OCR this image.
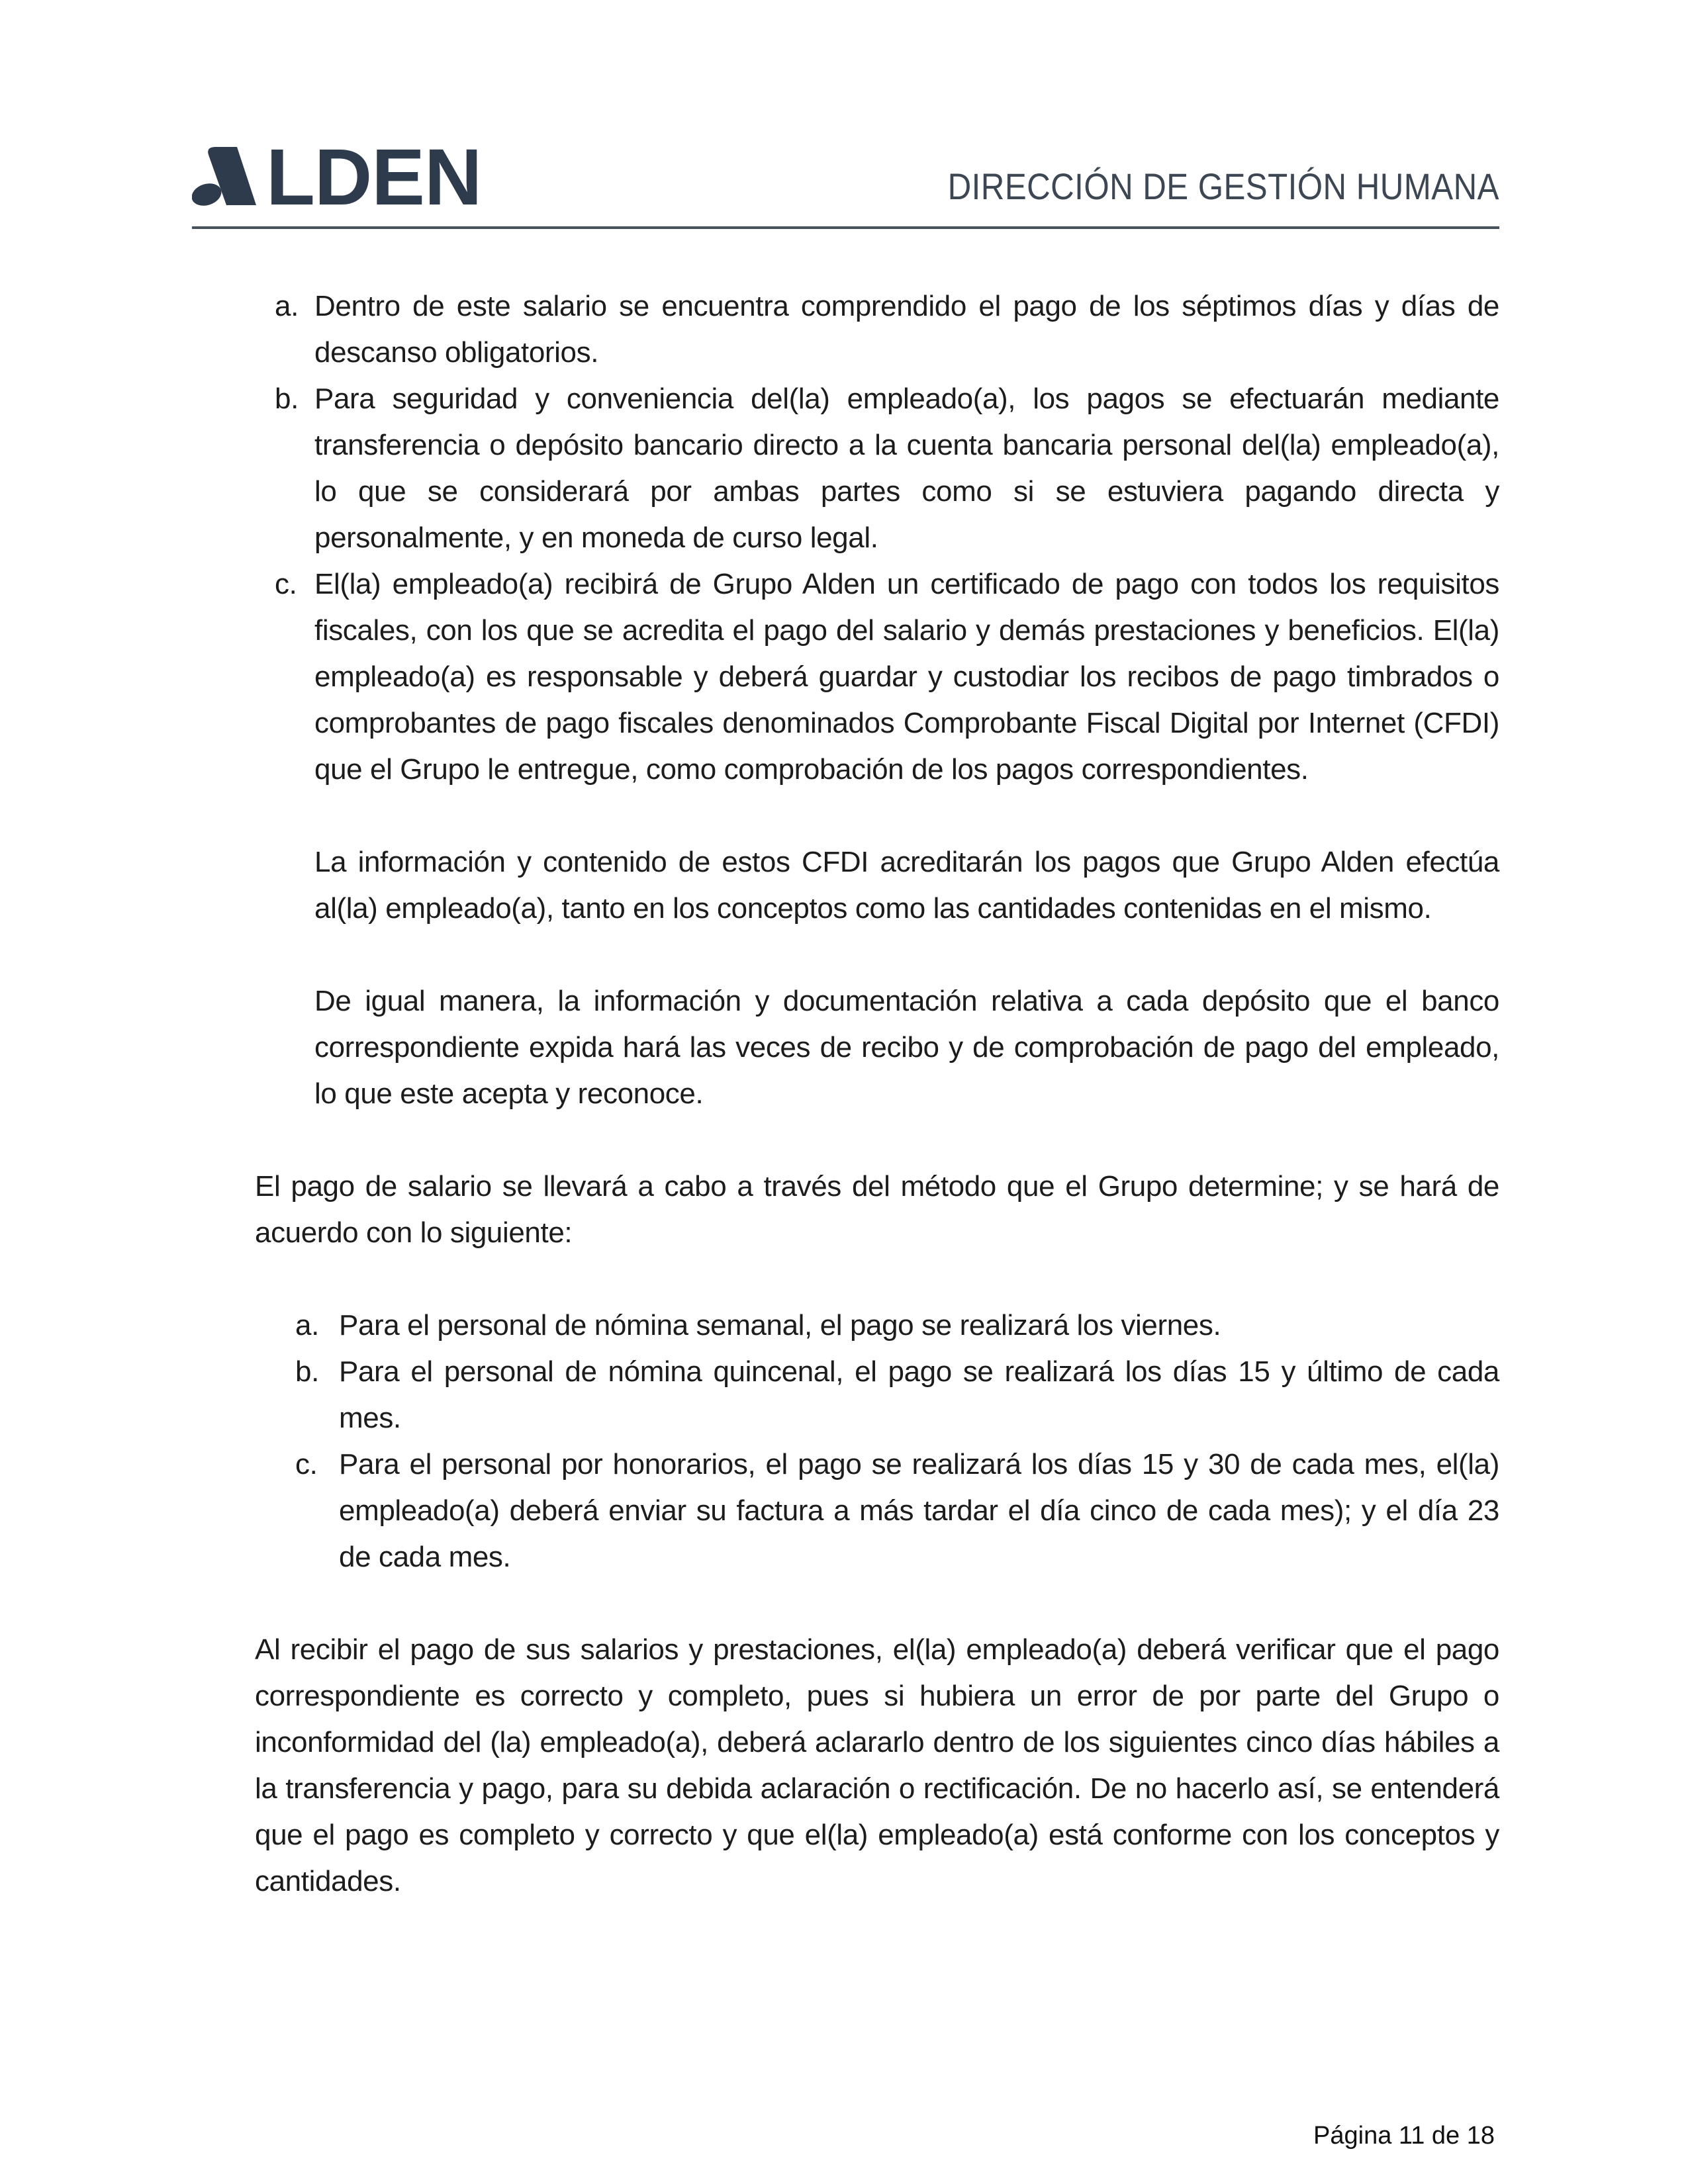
LDEN	DIRECCIÓN DE GESTIÓN HUMANA
a. Dentro de este salario se encuentra comprendido el pago de los séptimos días y días de descanso obligatorios.
b. Para seguridad y conveniencia del(la) empleado(a), los pagos se efectuarán mediante transferencia o depósito bancario directo a la cuenta bancaria personal del(la) empleado(a), lo que se considerará por ambas partes como si se estuviera pagando directa y personalmente, y en moneda de curso legal.
c. El(la) empleado(a) recibirá de Grupo Alden un certificado de pago con todos los requisitos fiscales, con los que se acredita el pago del salario y demás prestaciones y beneficios. El(la) empleado(a) es responsable y deberá guardar y custodiar los recibos de pago timbrados o comprobantes de pago fiscales denominados Comprobante Fiscal Digital por Internet (CFDI) que el Grupo le entregue, como comprobación de los pagos correspondientes.

La información y contenido de estos CFDI acreditarán los pagos que Grupo Alden efectúa al(la) empleado(a), tanto en los conceptos como las cantidades contenidas en el mismo.

De igual manera, la información y documentación relativa a cada depósito que el banco correspondiente expida hará las veces de recibo y de comprobación de pago del empleado, lo que este acepta y reconoce.

El pago de salario se llevará a cabo a través del método que el Grupo determine; y se hará de acuerdo con lo siguiente:

a. Para el personal de nómina semanal, el pago se realizará los viernes.
b. Para el personal de nómina quincenal, el pago se realizará los días 15 y último de cada mes.
c. Para el personal por honorarios, el pago se realizará los días 15 y 30 de cada mes, el(la) empleado(a) deberá enviar su factura a más tardar el día cinco de cada mes); y el día 23 de cada mes.

Al recibir el pago de sus salarios y prestaciones, el(la) empleado(a) deberá verificar que el pago correspondiente es correcto y completo, pues si hubiera un error de por parte del Grupo o inconformidad del (la) empleado(a), deberá aclararlo dentro de los siguientes cinco días hábiles a la transferencia y pago, para su debida aclaración o rectificación. De no hacerlo así, se entenderá que el pago es completo y correcto y que el(la) empleado(a) está conforme con los conceptos y cantidades.

Página 11 de 18
